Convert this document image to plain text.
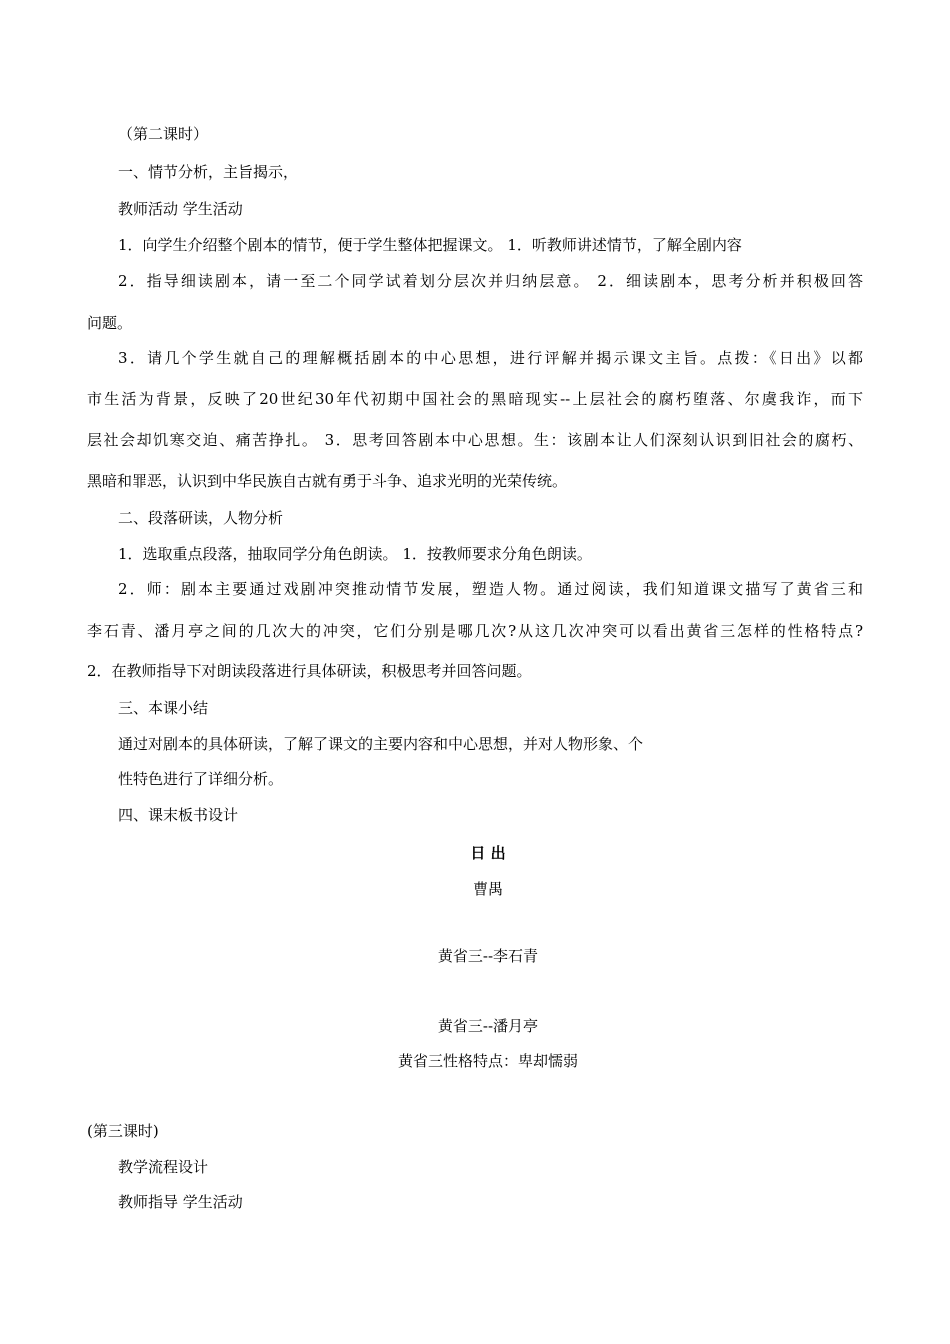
（第二课时）
一、情节分析，主旨揭示，
教师活动 学生活动
1．向学生介绍整个剧本的情节，便于学生整体把握课文。 1．听教师讲述情节，了解全剧内容
2．指导细读剧本，请一至二个同学试着划分层次并归纳层意。 2．细读剧本，思考分析并积极回答
问题。
3．请几个学生就自己的理解概括剧本的中心思想，进行评解并揭示课文主旨。点拨：《日出》以都
市生活为背景，反映了20世纪30年代初期中国社会的黑暗现实--上层社会的腐朽堕落、尔虞我诈，而下
层社会却饥寒交迫、痛苦挣扎。 3．思考回答剧本中心思想。生：该剧本让人们深刻认识到旧社会的腐朽、
黑暗和罪恶，认识到中华民族自古就有勇于斗争、追求光明的光荣传统。
二、段落研读，人物分析
1．选取重点段落，抽取同学分角色朗读。 1．按教师要求分角色朗读。
2．师：剧本主要通过戏剧冲突推动情节发展，塑造人物。通过阅读，我们知道课文描写了黄省三和
李石青、潘月亭之间的几次大的冲突，它们分别是哪几次?从这几次冲突可以看出黄省三怎样的性格特点?
2．在教师指导下对朗读段落进行具体研读，积极思考并回答问题。
三、本课小结
通过对剧本的具体研读，了解了课文的主要内容和中心思想，并对人物形象、个
性特色进行了详细分析。
四、课末板书设计
日 出
曹禺
黄省三--李石青
黄省三--潘月亭
黄省三性格特点：卑却懦弱
(第三课时)
教学流程设计
教师指导 学生活动
